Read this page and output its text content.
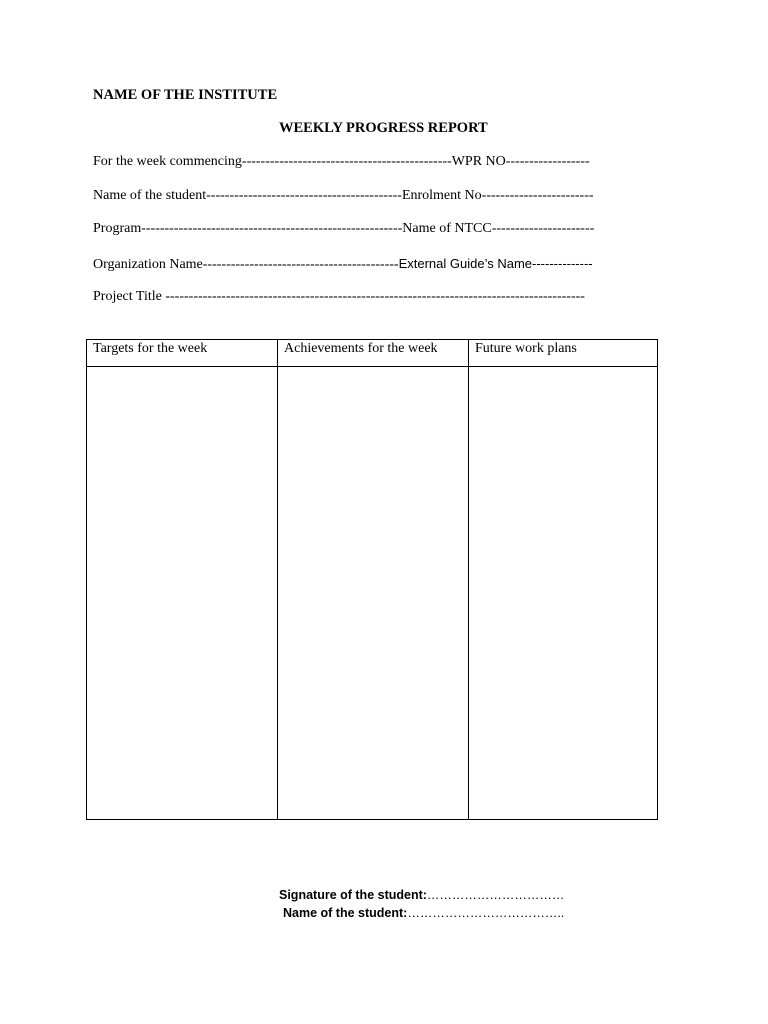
NAME OF THE INSTITUTE
WEEKLY PROGRESS REPORT
For the week commencing---------------------------------------------WPR NO------------------
Name of the student------------------------------------------Enrolment No------------------------
Program--------------------------------------------------------Name of NTCC----------------------
Organization Name------------------------------------------External Guide’s Name--------------
Project Title ------------------------------------------------------------------------------------------
Targets for the week	Achievements for the week	Future work plans

Signature of the student:……………………………
Name of the student:………………………………..
